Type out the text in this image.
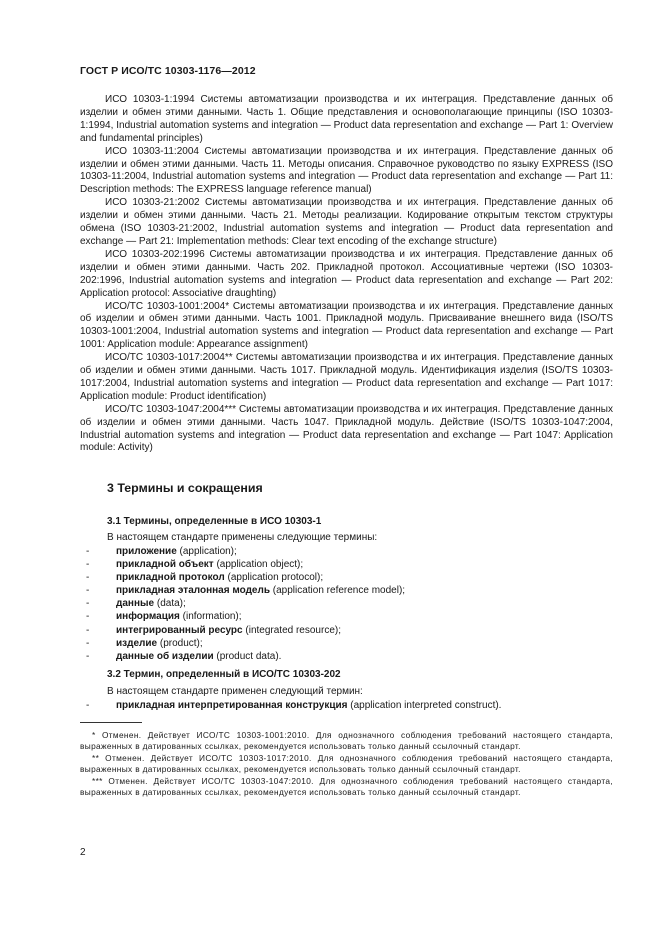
ГОСТ Р ИСО/ТС 10303-1176—2012

ИСО 10303-1:1994 Системы автоматизации производства и их интеграция. Представление данных об изделии и обмен этими данными. Часть 1. Общие представления и основополагающие принципы (ISO 10303-1:1994, Industrial automation systems and integration — Product data representation and exchange — Part 1: Overview and fundamental principles)

ИСО 10303-11:2004 Системы автоматизации производства и их интеграция. Представление данных об изделии и обмен этими данными. Часть 11. Методы описания. Справочное руководство по языку EXPRESS (ISO 10303-11:2004, Industrial automation systems and integration — Product data representation and exchange — Part 11: Description methods: The EXPRESS language reference manual)

ИСО 10303-21:2002 Системы автоматизации производства и их интеграция. Представление данных об изделии и обмен этими данными. Часть 21. Методы реализации. Кодирование открытым текстом структуры обмена (ISO 10303-21:2002, Industrial automation systems and integration — Product data representation and exchange — Part 21: Implementation methods: Clear text encoding of the exchange structure)

ИСО 10303-202:1996 Системы автоматизации производства и их интеграция. Представление данных об изделии и обмен этими данными. Часть 202. Прикладной протокол. Ассоциативные чертежи (ISO 10303-202:1996, Industrial automation systems and integration — Product data representation and exchange — Part 202: Application protocol: Associative draughting)

ИСО/ТС 10303-1001:2004* Системы автоматизации производства и их интеграция. Представление данных об изделии и обмен этими данными. Часть 1001. Прикладной модуль. Присваивание внешнего вида (ISO/TS 10303-1001:2004, Industrial automation systems and integration — Product data representation and exchange — Part 1001: Application module: Appearance assignment)

ИСО/ТС 10303-1017:2004** Системы автоматизации производства и их интеграция. Представление данных об изделии и обмен этими данными. Часть 1017. Прикладной модуль. Идентификация изделия (ISO/TS 10303-1017:2004, Industrial automation systems and integration — Product data representation and exchange — Part 1017: Application module: Product identification)

ИСО/ТС 10303-1047:2004*** Системы автоматизации производства и их интеграция. Представление данных об изделии и обмен этими данными. Часть 1047. Прикладной модуль. Действие (ISO/TS 10303-1047:2004, Industrial automation systems and integration — Product data representation and exchange — Part 1047: Application module: Activity)

3 Термины и сокращения
3.1 Термины, определенные в ИСО 10303-1
В настоящем стандарте применены следующие термины:
-	приложение (application);
-	прикладной объект (application object);
-	прикладной протокол (application protocol);
-	прикладная эталонная модель (application reference model);
-	данные (data);
-	информация (information);
-	интегрированный ресурс (integrated resource);
-	изделие (product);
-	данные об изделии (product data).
3.2 Термин, определенный в ИСО/ТС 10303-202
В настоящем стандарте применен следующий термин:
-	прикладная интерпретированная конструкция (application interpreted construct).

* Отменен. Действует ИСО/ТС 10303-1001:2010. Для однозначного соблюдения требований настоящего стандарта, выраженных в датированных ссылках, рекомендуется использовать только данный ссылочный стандарт.

** Отменен. Действует ИСО/ТС 10303-1017:2010. Для однозначного соблюдения требований настоящего стандарта, выраженных в датированных ссылках, рекомендуется использовать только данный ссылочный стандарт.

*** Отменен. Действует ИСО/ТС 10303-1047:2010. Для однозначного соблюдения требований настоящего стандарта, выраженных в датированных ссылках, рекомендуется использовать только данный ссылочный стандарт.

2
